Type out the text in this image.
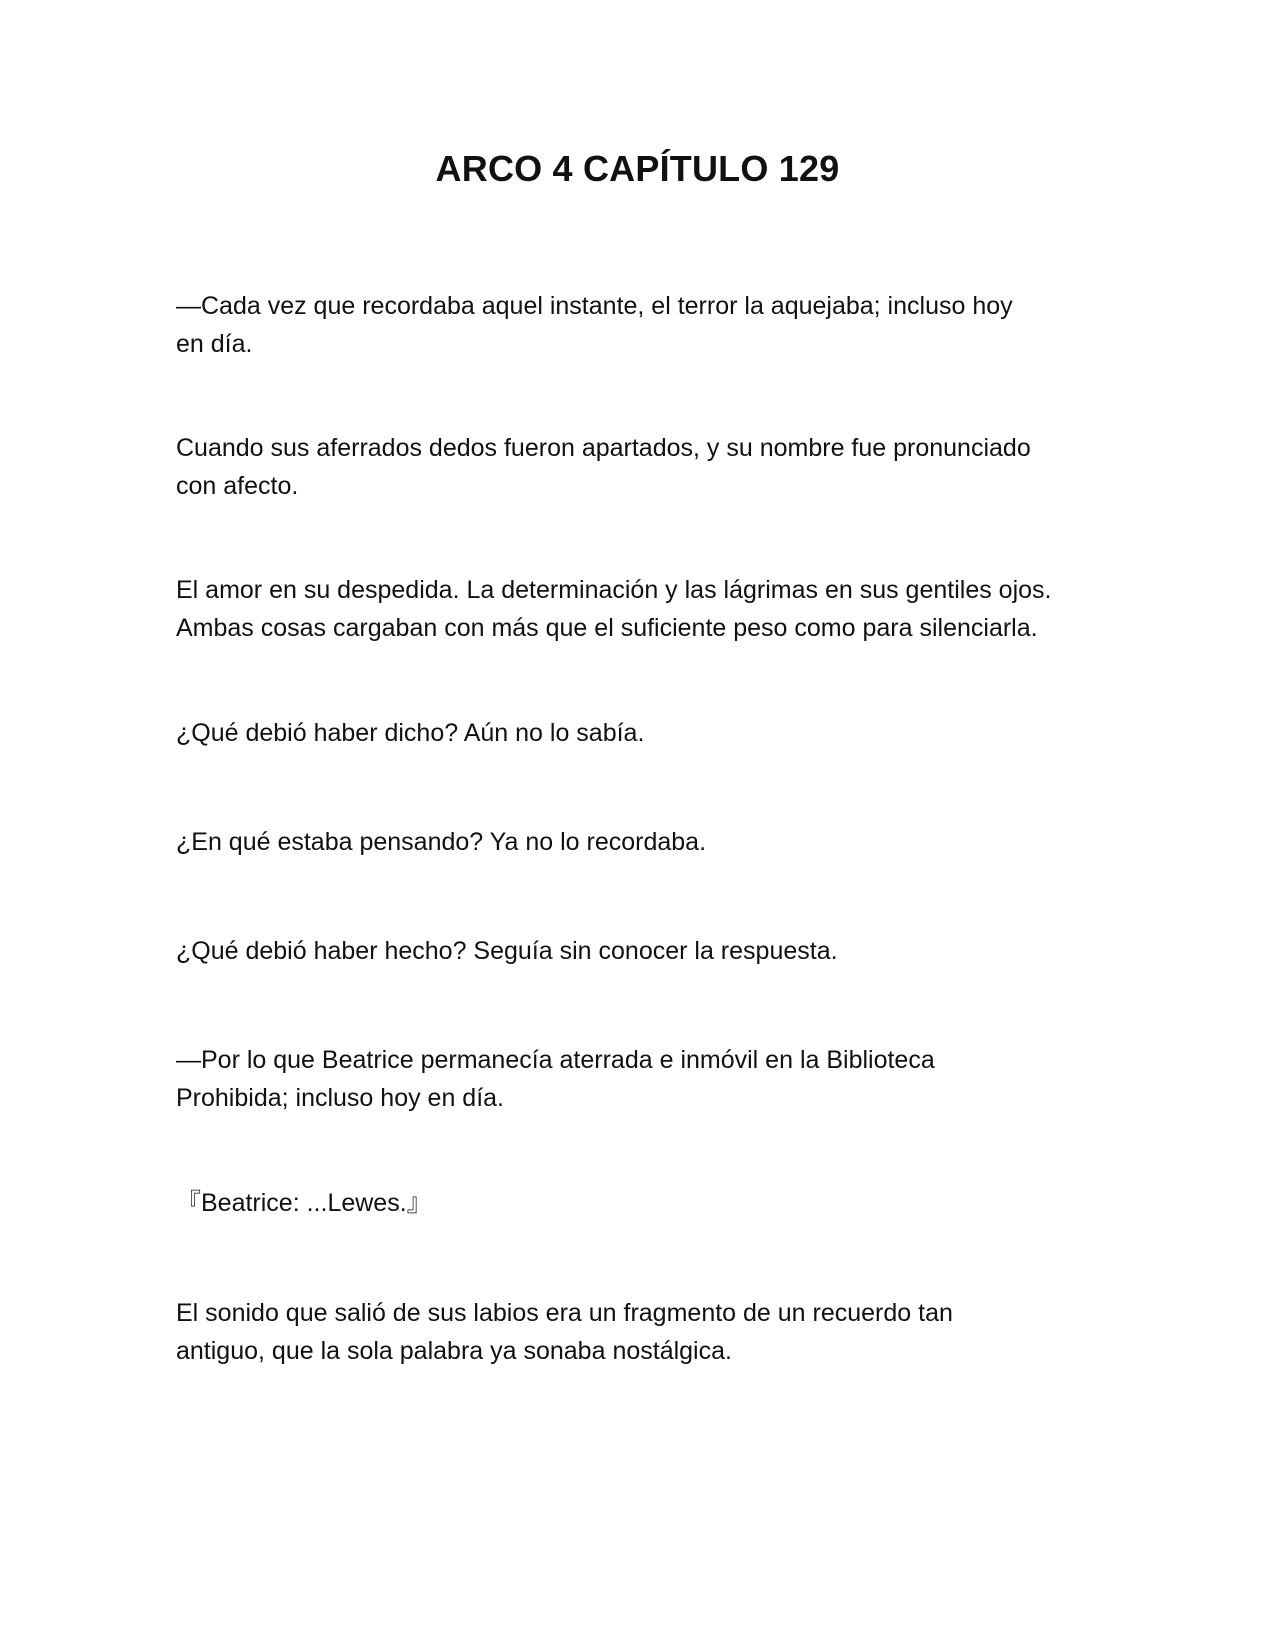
ARCO 4 CAPÍTULO 129

—Cada vez que recordaba aquel instante, el terror la aquejaba; incluso hoy
en día.

Cuando sus aferrados dedos fueron apartados, y su nombre fue pronunciado
con afecto.

El amor en su despedida. La determinación y las lágrimas en sus gentiles ojos.
Ambas cosas cargaban con más que el suficiente peso como para silenciarla.

¿Qué debió haber dicho? Aún no lo sabía.

¿En qué estaba pensando? Ya no lo recordaba.

¿Qué debió haber hecho? Seguía sin conocer la respuesta.

—Por lo que Beatrice permanecía aterrada e inmóvil en la Biblioteca
Prohibida; incluso hoy en día.

『Beatrice: ...Lewes.』

El sonido que salió de sus labios era un fragmento de un recuerdo tan
antiguo, que la sola palabra ya sonaba nostálgica.
